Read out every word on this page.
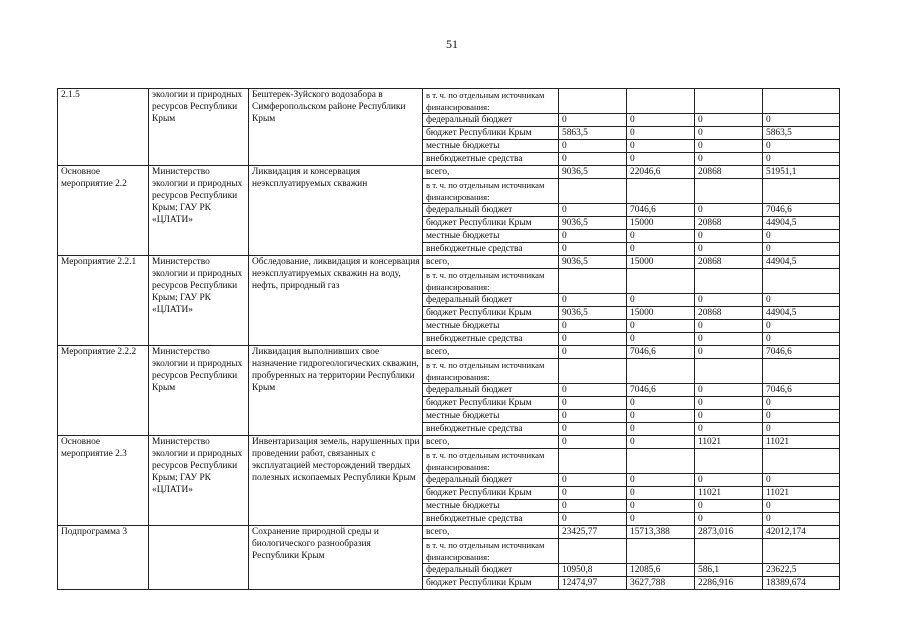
51
2.1.5	экологии и природных ресурсов Республики Крым	Бештерек-Зуйского водозабора в Симферопольском районе Республики Крым	в т. ч. по отдельным источникам финансирования:				
			федеральный бюджет	0	0	0	0
			бюджет Республики Крым	5863,5	0	0	5863,5
			местные бюджеты	0	0	0	0
			внебюджетные средства	0	0	0	0
Основное мероприятие 2.2	Министерство экологии и природных ресурсов Республики Крым; ГАУ РК «ЦЛАТИ»	Ликвидация и консервация неэксплуатируемых скважин	всего,	9036,5	22046,6	20868	51951,1
			в т. ч. по отдельным источникам финансирования:				
			федеральный бюджет	0	7046,6	0	7046,6
			бюджет Республики Крым	9036,5	15000	20868	44904,5
			местные бюджеты	0	0	0	0
			внебюджетные средства	0	0	0	0
Мероприятие 2.2.1	Министерство экологии и природных ресурсов Республики Крым; ГАУ РК «ЦЛАТИ»	Обследование, ликвидация и консервация неэксплуатируемых скважин на воду, нефть, природный газ	всего,	9036,5	15000	20868	44904,5
			в т. ч. по отдельным источникам финансирования:				
			федеральный бюджет	0	0	0	0
			бюджет Республики Крым	9036,5	15000	20868	44904,5
			местные бюджеты	0	0	0	0
			внебюджетные средства	0	0	0	0
Мероприятие 2.2.2	Министерство экологии и природных ресурсов Республики Крым	Ликвидация выполнивших свое назначение гидрогеологических скважин, пробуренных на территории Республики Крым	всего,	0	7046,6	0	7046,6
			в т. ч. по отдельным источникам финансирования:				
			федеральный бюджет	0	7046,6	0	7046,6
			бюджет Республики Крым	0	0	0	0
			местные бюджеты	0	0	0	0
			внебюджетные средства	0	0	0	0
Основное мероприятие 2.3	Министерство экологии и природных ресурсов Республики Крым; ГАУ РК «ЦЛАТИ»	Инвентаризация земель, нарушенных при проведении работ, связанных с эксплуатацией месторождений твердых полезных ископаемых Республики Крым	всего,	0	0	11021	11021
			в т. ч. по отдельным источникам финансирования:				
			федеральный бюджет	0	0	0	0
			бюджет Республики Крым	0	0	11021	11021
			местные бюджеты	0	0	0	0
			внебюджетные средства	0	0	0	0
Подпрограмма 3		Сохранение природной среды и биологического разнообразия Республики Крым	всего,	23425,77	15713,388	2873,016	42012,174
			в т. ч. по отдельным источникам финансирования:				
			федеральный бюджет	10950,8	12085,6	586,1	23622,5
			бюджет Республики Крым	12474,97	3627,788	2286,916	18389,674
